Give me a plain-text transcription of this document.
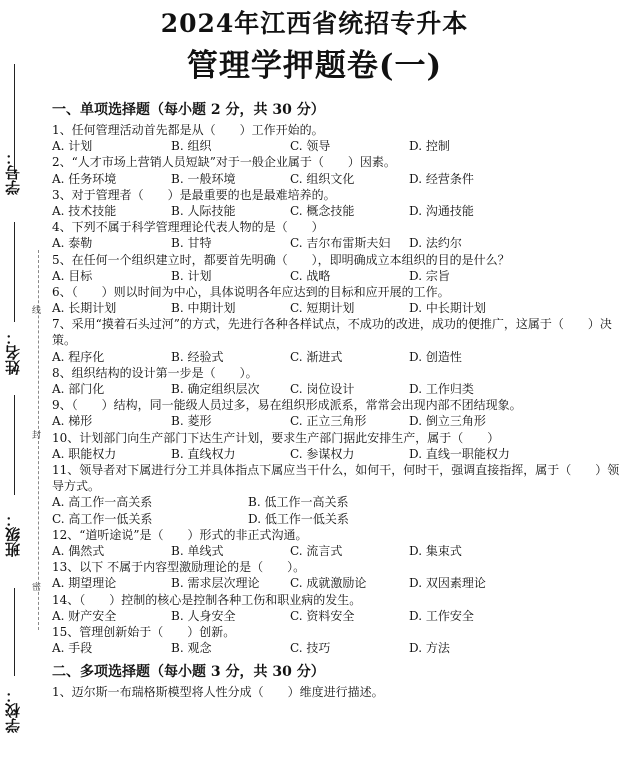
2024年江西省统招专升本
管理学押题卷(一)
学号：
姓名：
班级：
学校：
线
封
密
一、单项选择题（每小题 2 分，共 30 分）
1、任何管理活动首先都是从（　　）工作开始的。
A. 计划	B. 组织	C. 领导	D. 控制
2、“人才市场上营销人员短缺”对于一般企业属于（　　）因素。
A. 任务环境	B. 一般环境	C. 组织文化	D. 经营条件
3、对于管理者（　　）是最重要的也是最难培养的。
A. 技术技能	B. 人际技能	C. 概念技能	D. 沟通技能
4、下列不属于科学管理理论代表人物的是（　　）
A. 泰勒	B. 甘特	C. 吉尔布雷斯夫妇	D. 法约尔
5、在任何一个组织建立时，都要首先明确（　　），即明确成立本组织的目的是什么？
A. 目标	B. 计划	C. 战略	D. 宗旨
6、（　　）则以时间为中心，具体说明各年应达到的目标和应开展的工作。
A. 长期计划	B. 中期计划	C. 短期计划	D. 中长期计划
7、采用“摸着石头过河”的方式，先进行各种各样试点，不成功的改进，成功的便推广，这属于（　　）决策。
A. 程序化	B. 经验式	C. 渐进式	D. 创造性
8、组织结构的设计第一步是（　　）。
A. 部门化	B. 确定组织层次	C. 岗位设计	D. 工作归类
9、（　　）结构，同一能级人员过多，易在组织形成派系，常常会出现内部不团结现象。
A. 梯形	B. 菱形	C. 正立三角形	D. 倒立三角形
10、计划部门向生产部门下达生产计划，要求生产部门据此安排生产，属于（　　）
A. 职能权力	B. 直线权力	C. 参谋权力	D. 直线一职能权力
11、领导者对下属进行分工并具体指点下属应当干什么，如何干，何时干，强调直接指挥，属于（　　）领导方式。
A. 高工作一高关系	B. 低工作一高关系
C. 高工作一低关系	D. 低工作一低关系
12、“道听途说”是（　　）形式的非正式沟通。
A. 偶然式	B. 单线式	C. 流言式	D. 集束式
13、以下 不属于内容型激励理论的是（　　）。
A. 期望理论	B. 需求层次理论	C. 成就激励论	D. 双因素理论
14、（　　）控制的核心是控制各种工伤和职业病的发生。
A. 财产安全	B. 人身安全	C. 资料安全	D. 工作安全
15、管理创新始于（　　）创新。
A. 手段	B. 观念	C. 技巧	D. 方法
二、多项选择题（每小题 3 分，共 30 分）
1、迈尔斯一布瑞格斯模型将人性分成（　　）维度进行描述。
